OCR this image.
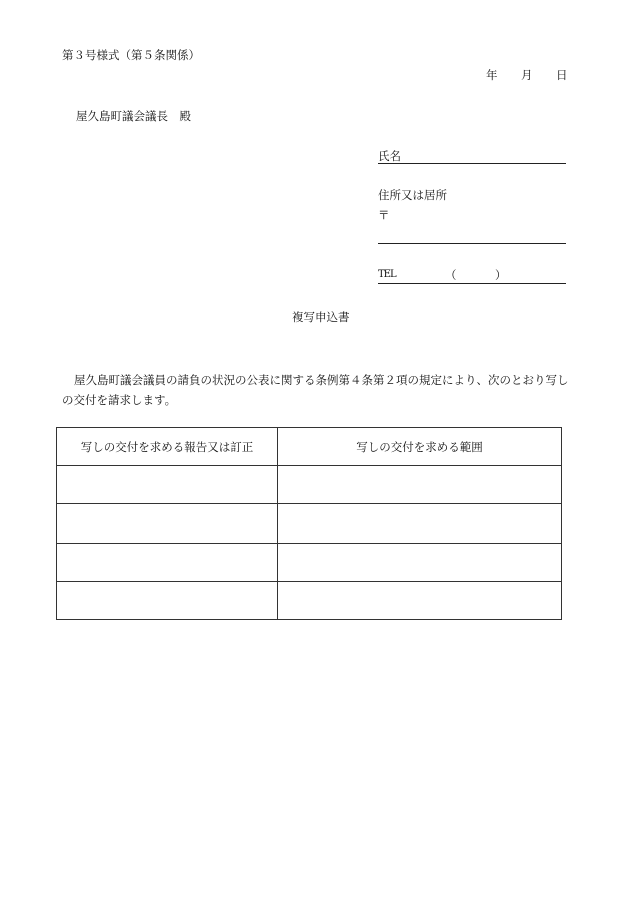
第３号様式（第５条関係）
年 月 日
屋久島町議会議長　殿
氏名
住所又は居所
〒
TEL	（	）
複写申込書
屋久島町議会議員の請負の状況の公表に関する条例第４条第２項の規定により、次のとおり写しの交付を請求します。
写しの交付を求める報告又は訂正	写しの交付を求める範囲
